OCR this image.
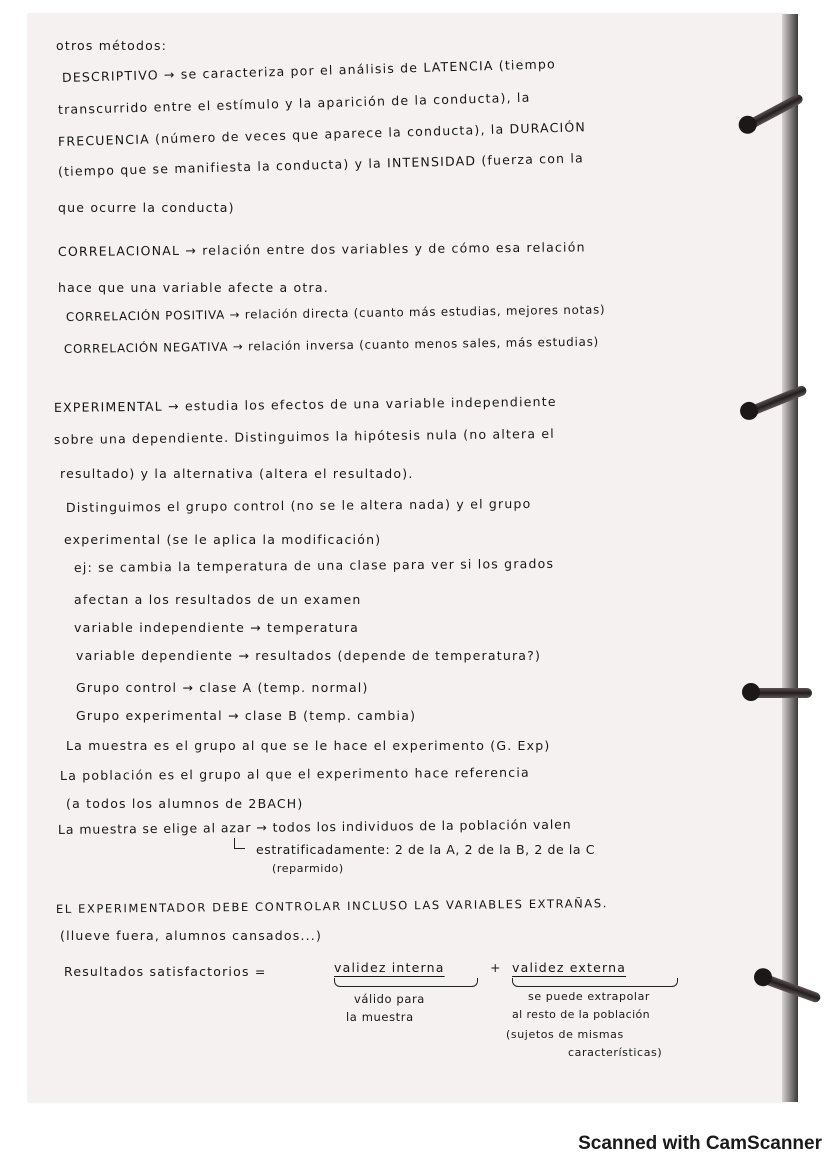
otros métodos:

DESCRIPTIVO → se caracteriza por el análisis de LATENCIA (tiempo

transcurrido entre el estímulo y la aparición de la conducta), la

FRECUENCIA (número de veces que aparece la conducta), la DURACIÓN

(tiempo que se manifiesta la conducta) y la INTENSIDAD (fuerza con la

que ocurre la conducta)

CORRELACIONAL → relación entre dos variables y de cómo esa relación

hace que una variable afecte a otra.

CORRELACIÓN POSITIVA → relación directa (cuanto más estudias, mejores notas)

CORRELACIÓN NEGATIVA → relación inversa (cuanto menos sales, más estudias)

EXPERIMENTAL → estudia los efectos de una variable independiente

sobre una dependiente. Distinguimos la hipótesis nula (no altera el

resultado) y la alternativa (altera el resultado).

Distinguimos el grupo control (no se le altera nada) y el grupo

experimental (se le aplica la modificación)

ej: se cambia la temperatura de una clase para ver si los grados

afectan a los resultados de un examen

variable independiente → temperatura

variable dependiente → resultados (depende de temperatura?)

Grupo control → clase A (temp. normal)

Grupo experimental → clase B (temp. cambia)

La muestra es el grupo al que se le hace el experimento (G. Exp)

La población es el grupo al que el experimento hace referencia

(a todos los alumnos de 2BACH)

La muestra se elige al azar → todos los individuos de la población valen

estratificadamente: 2 de la A, 2 de la B, 2 de la C

(reparmido)

EL EXPERIMENTADOR DEBE CONTROLAR INCLUSO LAS VARIABLES EXTRAÑAS.

(llueve fuera, alumnos cansados...)

Resultados satisfactorios =	validez interna	+ validez externa

válido para

la muestra

se puede extrapolar

al resto de la población

(sujetos de mismas

características)

Scanned with CamScanner
